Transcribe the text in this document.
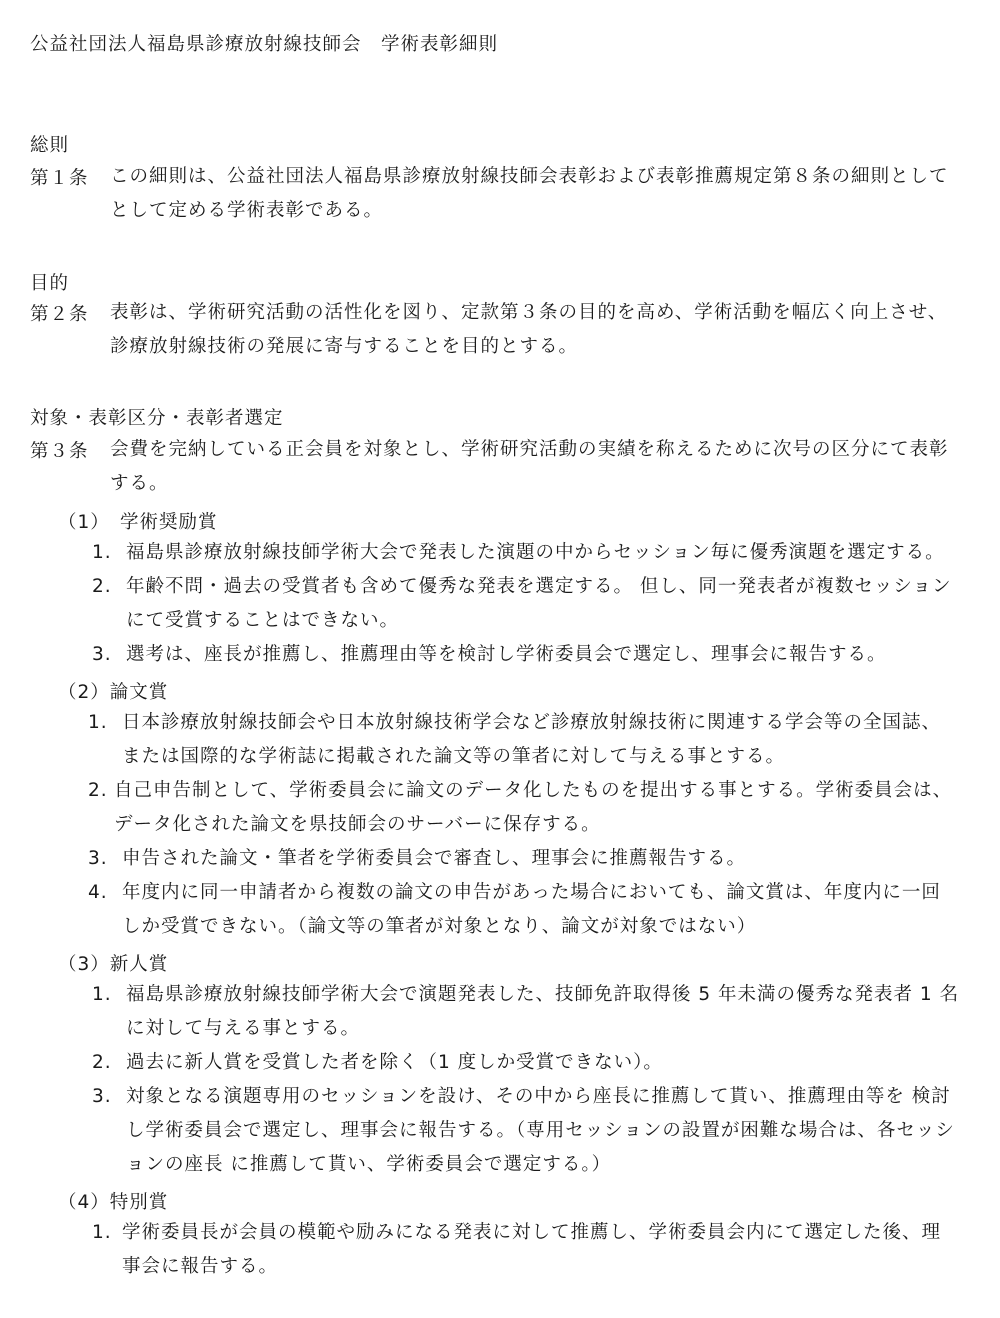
公益社団法人福島県診療放射線技師会　学術表彰細則
総則
第１条 この細則は、公益社団法人福島県診療放射線技師会表彰および表彰推薦規定第８条の細則としてとして定める学術表彰である。
目的
第２条 表彰は、学術研究活動の活性化を図り、定款第３条の目的を高め、学術活動を幅広く向上させ、診療放射線技術の発展に寄与することを目的とする。
対象・表彰区分・表彰者選定
第３条 会費を完納している正会員を対象とし、学術研究活動の実績を称えるために次号の区分にて表彰する。
（1）　学術奨励賞
1. 福島県診療放射線技師学術大会で発表した演題の中からセッション毎に優秀演題を選定する。
2. 年齢不問・過去の受賞者も含めて優秀な発表を選定する。 但し、同一発表者が複数セッションにて受賞することはできない。
3. 選考は、座長が推薦し、推薦理由等を検討し学術委員会で選定し、理事会に報告する。
（2）論文賞
1. 日本診療放射線技師会や日本放射線技術学会など診療放射線技術に関連する学会等の全国誌、または国際的な学術誌に掲載された論文等の筆者に対して与える事とする。
2. 自己申告制として、学術委員会に論文のデータ化したものを提出する事とする。学術委員会は、データ化された論文を県技師会のサーバーに保存する。
3. 申告された論文・筆者を学術委員会で審査し、理事会に推薦報告する。
4. 年度内に同一申請者から複数の論文の申告があった場合においても、論文賞は、年度内に一回しか受賞できない。（論文等の筆者が対象となり、論文が対象ではない）
（3）新人賞
1. 福島県診療放射線技師学術大会で演題発表した、技師免許取得後 5 年未満の優秀な発表者 1 名に対して与える事とする。
2. 過去に新人賞を受賞した者を除く（1 度しか受賞できない）。
3. 対象となる演題専用のセッションを設け、その中から座長に推薦して貰い、推薦理由等を 検討し学術委員会で選定し、理事会に報告する。（専用セッションの設置が困難な場合は、各セッションの座長 に推薦して貰い、学術委員会で選定する。）
（4）特別賞
1. 学術委員長が会員の模範や励みになる発表に対して推薦し、学術委員会内にて選定した後、理事会に報告する。
